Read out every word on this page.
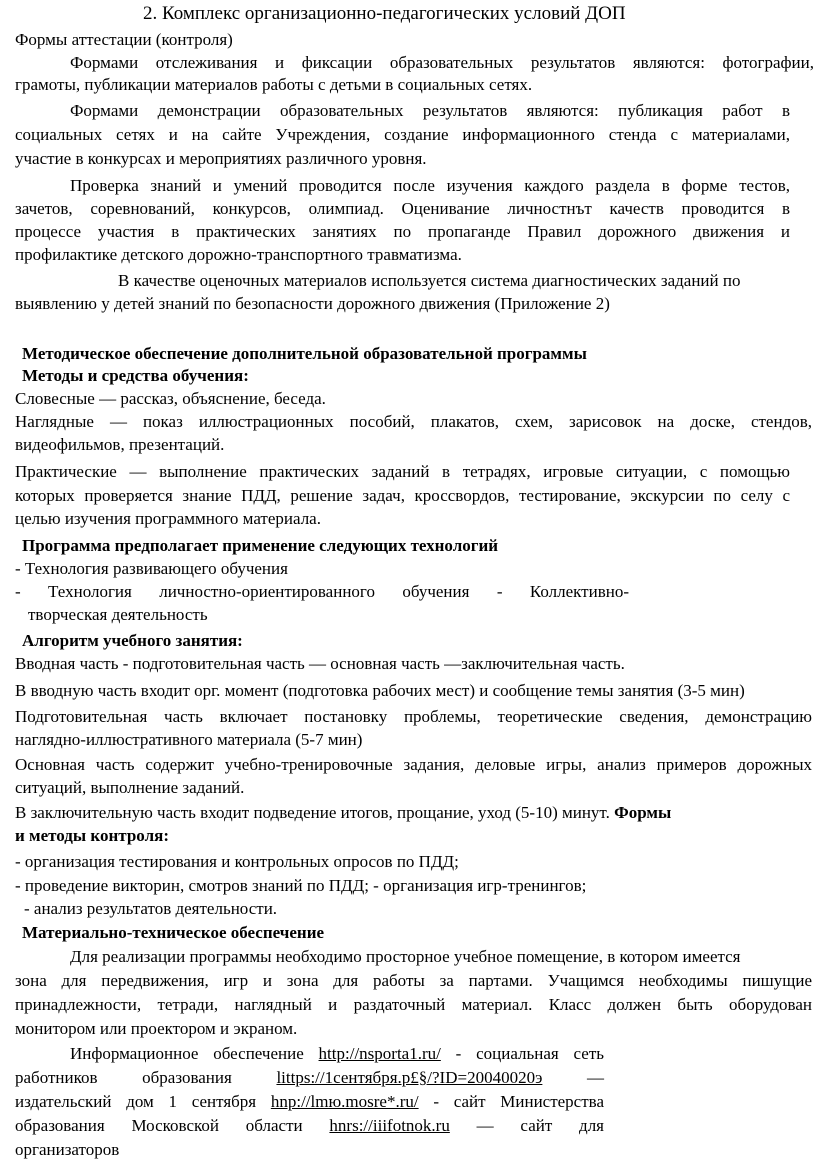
2. Комплекс организационно-педагогических условий ДОП

Формы аттестации (контроля)

Формами отслеживания и фиксации образовательных результатов являются: фотографии,

грамоты, публикации материалов работы с детьми в социальных сетях.

Формами демонстрации образовательных результатов являются: публикация работ в

социальных сетях и на сайте Учреждения, создание информационного стенда с материалами,

участие в конкурсах и мероприятиях различного уровня.

Проверка знаний и умений проводится после изучения каждого раздела в форме тестов,

зачетов, соревнований, конкурсов, олимпиад. Оценивание личностнът качеств проводится в

процессе участия в практических занятиях по пропаганде Правил дорожного движения и

профилактике детского дорожно-транспортного травматизма.

В качестве оценочных материалов используется система диагностических заданий по

выявлению у детей знаний по безопасности дорожного движения (Приложение 2)

Методическое обеспечение дополнительной образовательной программы

Методы и средства обучения:

Словесные — рассказ, объяснение, беседа.

Наглядные — показ иллюстрационных пособий, плакатов, схем, зарисовок на доске, стендов,

видеофильмов, презентаций.

Практические — выполнение практических заданий в тетрадях, игровые ситуации, с помощью

которых проверяется знание ПДД, решение задач, кроссвордов, тестирование, экскурсии по селу с

целью изучения программного материала.

Программа предполагает применение следующих технологий

- Технология развивающего обучения

- Технология личностно-ориентированного обучения - Коллективно-

творческая деятельность

Алгоритм учебного занятия:

Вводная часть - подготовительная часть — основная часть —заключительная часть.

В вводную часть входит орг. момент (подготовка рабочих мест) и сообщение темы занятия (3-5 мин)

Подготовительная часть включает постановку проблемы, теоретические сведения, демонстрацию

наглядно-иллюстративного материала (5-7 мин)

Основная часть содержит учебно-тренировочные задания, деловые игры, анализ примеров дорожных

ситуаций, выполнение заданий.

В заключительную часть входит подведение итогов, прощание, уход (5-10) минут. Формы

и методы контроля:

- организация тестирования и контрольных опросов по ПДД;

- проведение викторин, смотров знаний по ПДД; - организация игр-тренингов;

- анализ результатов деятельности.

Материально-техническое обеспечение

Для реализации программы необходимо просторное учебное помещение, в котором имеется

зона для передвижения, игр и зона для работы за партами. Учащимся необходимы пишущие

принадлежности, тетради, наглядный и раздаточный материал. Класс должен быть оборудован

монитором или проектором и экраном.

Информационное обеспечение http://nsporta1.ru/ - социальная сеть

работников образования	littps://1сентября.р£§/?ID=20040020э	—

издательский дом 1 сентября hnp://lmю.mosre*.ru/ - сайт Министерства

образования Московской области hnrs://iiifotnok.ru — сайт для

организаторов
